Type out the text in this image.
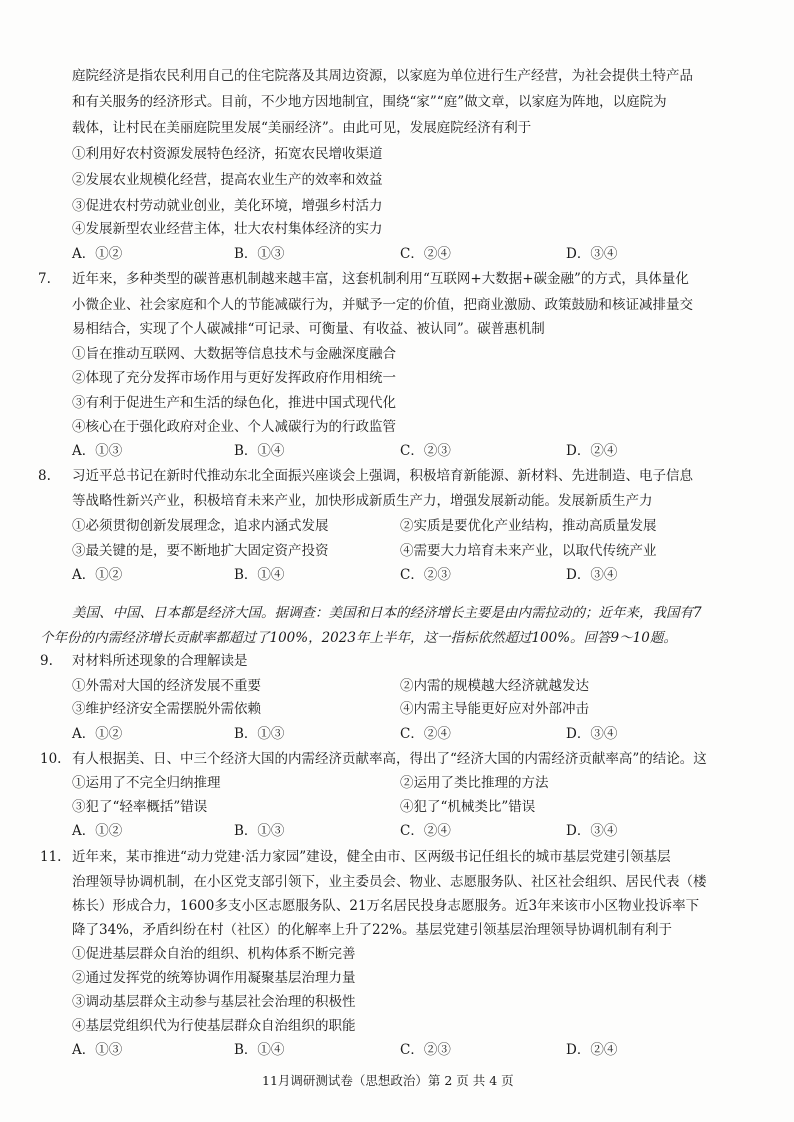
庭院经济是指农民利用自己的住宅院落及其周边资源，以家庭为单位进行生产经营，为社会提供土特产品
和有关服务的经济形式。目前，不少地方因地制宜，围绕“家”“庭”做文章，以家庭为阵地，以庭院为
载体，让村民在美丽庭院里发展“美丽经济”。由此可见，发展庭院经济有利于
①利用好农村资源发展特色经济，拓宽农民增收渠道
②发展农业规模化经营，提高农业生产的效率和效益
③促进农村劳动就业创业，美化环境，增强乡村活力
④发展新型农业经营主体，壮大农村集体经济的实力
A．①②	B．①③	C．②④	D．③④
7. 近年来，多种类型的碳普惠机制越来越丰富，这套机制利用“互联网+大数据+碳金融”的方式，具体量化
小微企业、社会家庭和个人的节能减碳行为，并赋予一定的价值，把商业激励、政策鼓励和核证减排量交
易相结合，实现了个人碳减排“可记录、可衡量、有收益、被认同”。碳普惠机制
①旨在推动互联网、大数据等信息技术与金融深度融合
②体现了充分发挥市场作用与更好发挥政府作用相统一
③有利于促进生产和生活的绿色化，推进中国式现代化
④核心在于强化政府对企业、个人减碳行为的行政监管
A．①③	B．①④	C．②③	D．②④
8. 习近平总书记在新时代推动东北全面振兴座谈会上强调，积极培育新能源、新材料、先进制造、电子信息
等战略性新兴产业，积极培育未来产业，加快形成新质生产力，增强发展新动能。发展新质生产力
①必须贯彻创新发展理念，追求内涵式发展	②实质是要优化产业结构，推动高质量发展
③最关键的是，要不断地扩大固定资产投资	④需要大力培育未来产业，以取代传统产业
A．①②	B．①④	C．②③	D．③④
美国、中国、日本都是经济大国。据调查：美国和日本的经济增长主要是由内需拉动的；近年来，我国有7
个年份的内需经济增长贡献率都超过了100%，2023年上半年，这一指标依然超过100%。回答9～10题。
9. 对材料所述现象的合理解读是
①外需对大国的经济发展不重要	②内需的规模越大经济就越发达
③维护经济安全需摆脱外需依赖	④内需主导能更好应对外部冲击
A．①②	B．①③	C．②④	D．③④
10. 有人根据美、日、中三个经济大国的内需经济贡献率高，得出了“经济大国的内需经济贡献率高”的结论。这
①运用了不完全归纳推理	②运用了类比推理的方法
③犯了“轻率概括”错误	④犯了“机械类比”错误
A．①②	B．①③	C．②④	D．③④
11. 近年来，某市推进“动力党建·活力家园”建设，健全由市、区两级书记任组长的城市基层党建引领基层
治理领导协调机制，在小区党支部引领下，业主委员会、物业、志愿服务队、社区社会组织、居民代表（楼
栋长）形成合力，1600多支小区志愿服务队、21万名居民投身志愿服务。近3年来该市小区物业投诉率下
降了34%，矛盾纠纷在村（社区）的化解率上升了22%。基层党建引领基层治理领导协调机制有利于
①促进基层群众自治的组织、机构体系不断完善
②通过发挥党的统筹协调作用凝聚基层治理力量
③调动基层群众主动参与基层社会治理的积极性
④基层党组织代为行使基层群众自治组织的职能
A．①③	B．①④	C．②③	D．②④
11月调研测试卷（思想政治）第 2 页 共 4 页
